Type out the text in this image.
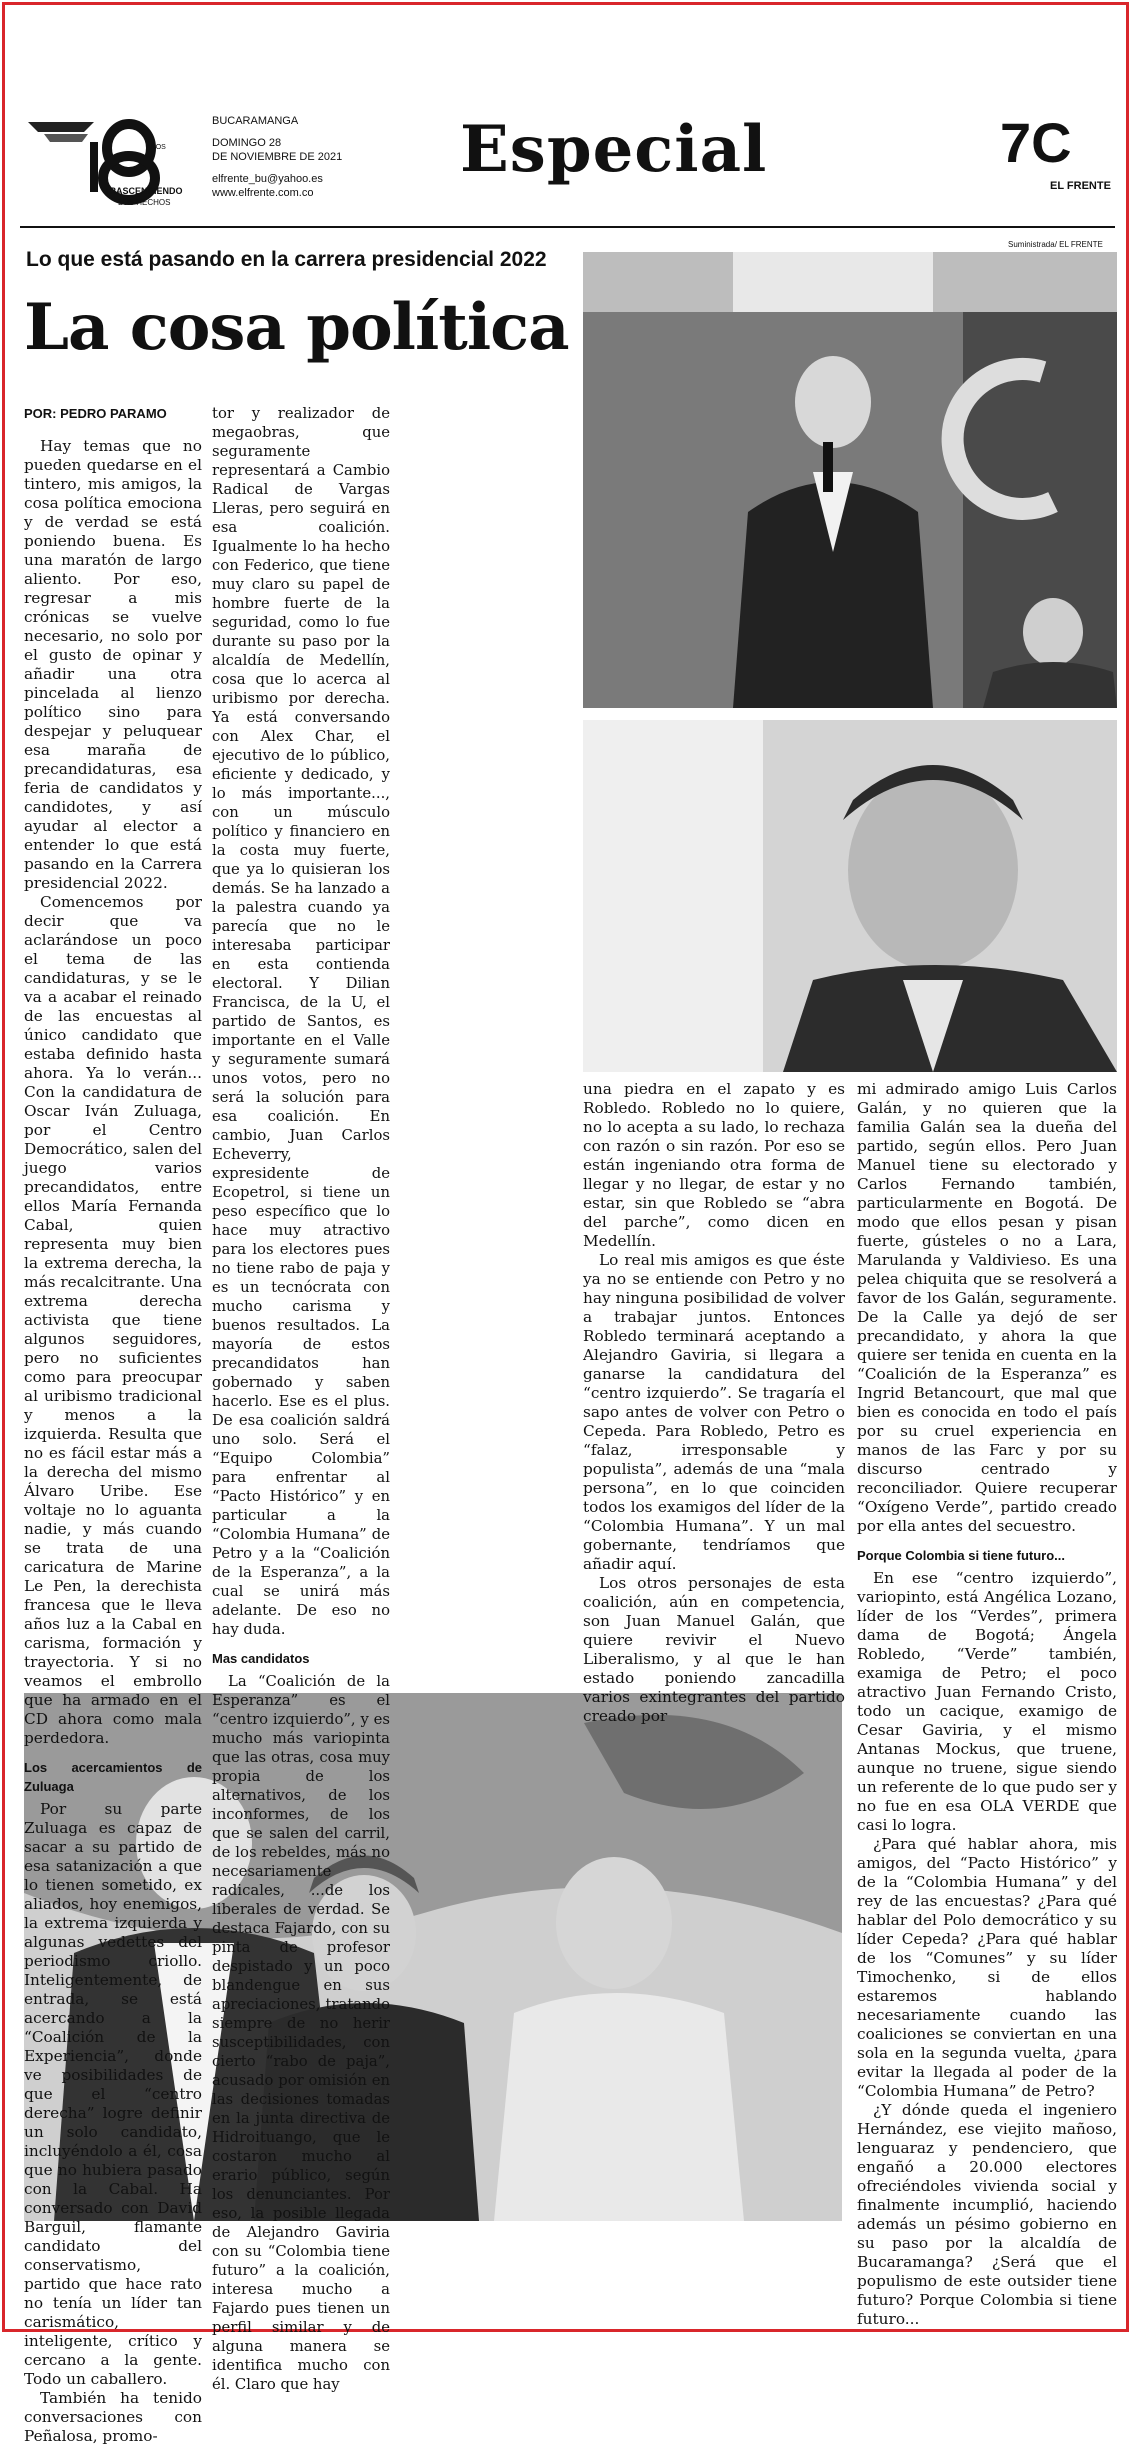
AÑOS
TRASCENDIENDO
LOS HECHOS
BUCARAMANGA
DOMINGO 28
DE NOVIEMBRE DE 2021
elfrente_bu@yahoo.es
www.elfrente.com.co
Especial	7C
EL FRENTE
Lo que está pasando en la carrera presidencial 2022
La cosa política
Suministrada/ EL FRENTE

POR: PEDRO PARAMO

Hay temas que no pueden quedarse en el tintero, mis amigos, la cosa política emociona y de verdad se está poniendo buena. Es una maratón de largo aliento. Por eso, regresar a mis crónicas se vuelve necesario, no solo por el gusto de opinar y añadir una otra pincelada al lienzo político sino para despejar y peluquear esa maraña de precandidaturas, esa feria de candidatos y candidotes, y así ayudar al elector a entender lo que está pasando en la Carrera presidencial 2022.

Comencemos por decir que va aclarándose un poco el tema de las candidaturas, y se le va a acabar el reinado de las encuestas al único candidato que estaba definido hasta ahora. Ya lo verán... Con la candidatura de Oscar Iván Zuluaga, por el Centro Democrático, salen del juego varios precandidatos, entre ellos María Fernanda Cabal, quien representa muy bien la extrema derecha, la más recalcitrante. Una extrema derecha activista que tiene algunos seguidores, pero no suficientes como para preocupar al uribismo tradicional y menos a la izquierda. Resulta que no es fácil estar más a la derecha del mismo Álvaro Uribe. Ese voltaje no lo aguanta nadie, y más cuando se trata de una caricatura de Marine Le Pen, la derechista francesa que le lleva años luz a la Cabal en carisma, formación y trayectoria. Y si no veamos el embrollo que ha armado en el CD ahora como mala perdedora.

Los acercamientos de Zuluaga

Por su parte Zuluaga es capaz de sacar a su partido de esa satanización a que lo tienen sometido, ex aliados, hoy enemigos, la extrema izquierda y algunas vedettes del periodismo criollo. Inteligentemente, de entrada, se está acercando a la “Coalición de la Experiencia”, donde ve posibilidades de que el “centro derecha” logre definir un solo candidato, incluyéndolo a él, cosa que no hubiera pasado con la Cabal. Ha conversado con David Barguil, flamante candidato del conservatismo, partido que hace rato no tenía un líder tan carismático, inteligente, crítico y cercano a la gente. Todo un caballero.

También ha tenido conversaciones con Peñalosa, promo-

tor y realizador de megaobras, que seguramente representará a Cambio Radical de Vargas Lleras, pero seguirá en esa coalición. Igualmente lo ha hecho con Federico, que tiene muy claro su papel de hombre fuerte de la seguridad, como lo fue durante su paso por la alcaldía de Medellín, cosa que lo acerca al uribismo por derecha. Ya está conversando con Alex Char, el ejecutivo de lo público, eficiente y dedicado, y lo más importante..., con un músculo político y financiero en la costa muy fuerte, que ya lo quisieran los demás. Se ha lanzado a la palestra cuando ya parecía que no le interesaba participar en esta contienda electoral. Y Dilian Francisca, de la U, el partido de Santos, es importante en el Valle y seguramente sumará unos votos, pero no será la solución para esa coalición. En cambio, Juan Carlos Echeverry, expresidente de Ecopetrol, si tiene un peso específico que lo hace muy atractivo para los electores pues no tiene rabo de paja y es un tecnócrata con mucho carisma y buenos resultados. La mayoría de estos precandidatos han gobernado y saben hacerlo. Ese es el plus. De esa coalición saldrá uno solo. Será el “Equipo Colombia” para enfrentar al “Pacto Histórico” y en particular a la “Colombia Humana” de Petro y a la “Coalición de la Esperanza”, a la cual se unirá más adelante. De eso no hay duda.

Mas candidatos

La “Coalición de la Esperanza” es el “centro izquierdo”, y es mucho más variopinta que las otras, cosa muy propia de los alternativos, de los inconformes, de los que se salen del carril, de los rebeldes, más no necesariamente radicales, ...de los liberales de verdad. Se destaca Fajardo, con su pinta de profesor despistado y un poco blandengue en sus apreciaciones, tratando siempre de no herir susceptibilidades, con cierto “rabo de paja”, acusado por omisión en las decisiones tomadas en la junta directiva de Hidroituango, que le costaron mucho al erario público, según los denunciantes. Por eso, la posible llegada de Alejandro Gaviria con su “Colombia tiene futuro” a la coalición, interesa mucho a Fajardo pues tienen un perfil similar y de alguna manera se identifica mucho con él. Claro que hay

una piedra en el zapato y es Robledo. Robledo no lo quiere, no lo acepta a su lado, lo rechaza con razón o sin razón. Por eso se están ingeniando otra forma de llegar y no llegar, de estar y no estar, sin que Robledo se “abra del parche”, como dicen en Medellín.

Lo real mis amigos es que éste ya no se entiende con Petro y no hay ninguna posibilidad de volver a trabajar juntos. Entonces Robledo terminará aceptando a Alejandro Gaviria, si llegara a ganarse la candidatura del “centro izquierdo”. Se tragaría el sapo antes de volver con Petro o Cepeda. Para Robledo, Petro es “falaz, irresponsable y populista”, además de una “mala persona”, en lo que coinciden todos los examigos del líder de la “Colombia Humana”. Y un mal gobernante, tendríamos que añadir aquí.

Los otros personajes de esta coalición, aún en competencia, son Juan Manuel Galán, que quiere revivir el Nuevo Liberalismo, y al que le han estado poniendo zancadilla varios exintegrantes del partido creado por

mi admirado amigo Luis Carlos Galán, y no quieren que la familia Galán sea la dueña del partido, según ellos. Pero Juan Manuel tiene su electorado y Carlos Fernando también, particularmente en Bogotá. De modo que ellos pesan y pisan fuerte, gústeles o no a Lara, Marulanda y Valdivieso. Es una pelea chiquita que se resolverá a favor de los Galán, seguramente. De la Calle ya dejó de ser precandidato, y ahora la que quiere ser tenida en cuenta en la “Coalición de la Esperanza” es Ingrid Betancourt, que mal que bien es conocida en todo el país por su cruel experiencia en manos de las Farc y por su discurso centrado y reconciliador. Quiere recuperar “Oxígeno Verde”, partido creado por ella antes del secuestro.

Porque Colombia si tiene futuro...

En ese “centro izquierdo”, variopinto, está Angélica Lozano, líder de los “Verdes”, primera dama de Bogotá; Ángela Robledo, “Verde” también, examiga de Petro; el poco atractivo Juan Fernando Cristo, todo un cacique, examigo de Cesar Gaviria, y el mismo Antanas Mockus, que truene, aunque no truene, sigue siendo un referente de lo que pudo ser y no fue en esa OLA VERDE que casi lo logra.

¿Para qué hablar ahora, mis amigos, del “Pacto Histórico” y de la “Colombia Humana” y del rey de las encuestas? ¿Para qué hablar del Polo democrático y su líder Cepeda? ¿Para qué hablar de los “Comunes” y su líder Timochenko, si de ellos estaremos hablando necesariamente cuando las coaliciones se conviertan en una sola en la segunda vuelta, ¿para evitar la llegada al poder de la “Colombia Humana” de Petro?

¿Y dónde queda el ingeniero Hernández, ese viejito mañoso, lenguaraz y pendenciero, que engañó a 20.000 electores ofreciéndoles vivienda social y finalmente incumplió, haciendo además un pésimo gobierno en su paso por la alcaldía de Bucaramanga? ¿Será que el populismo de este outsider tiene futuro? Porque Colombia si tiene futuro...
